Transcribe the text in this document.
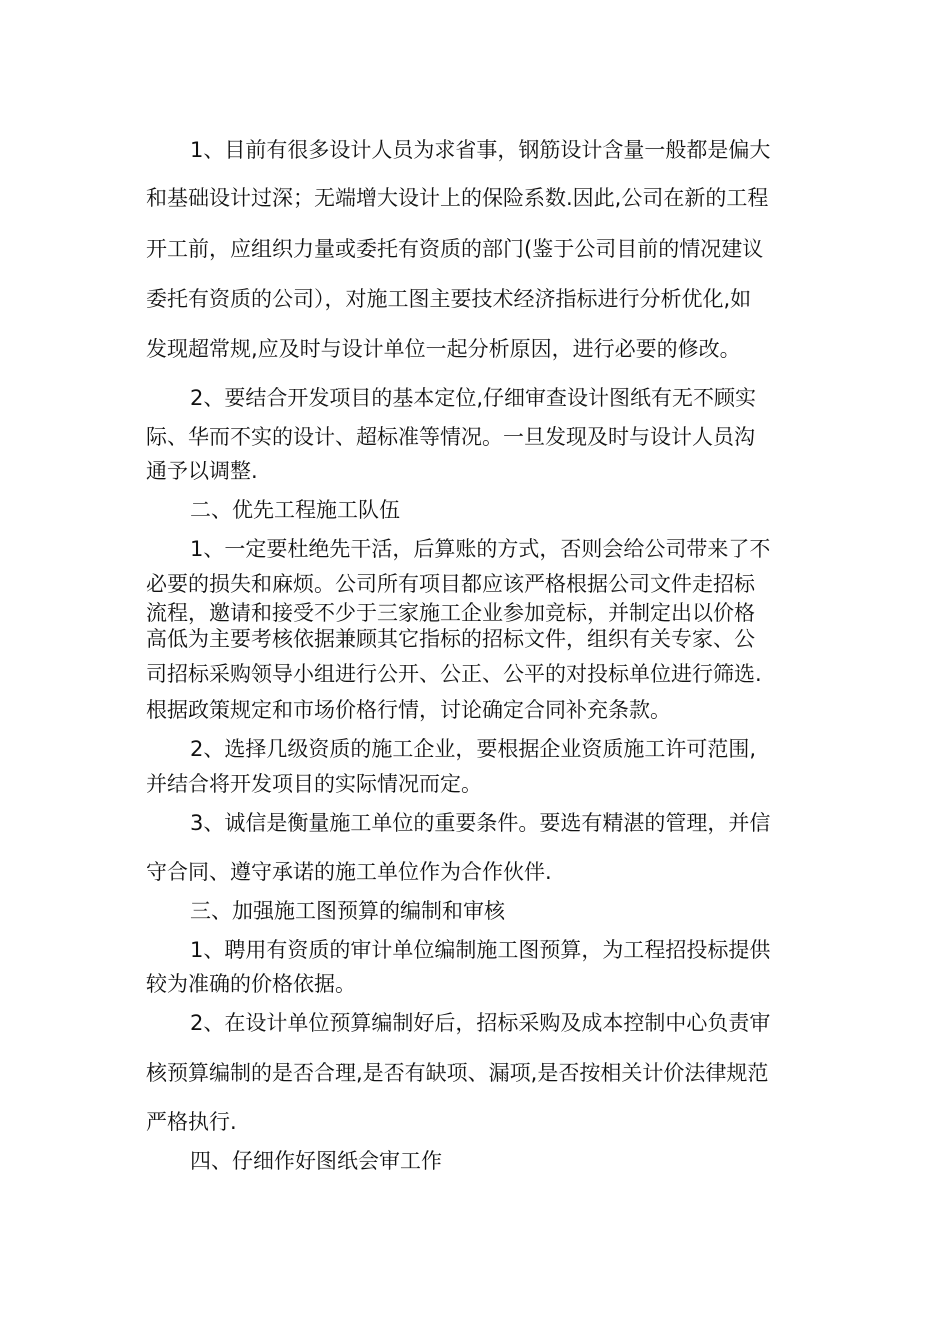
1、目前有很多设计人员为求省事，钢筋设计含量一般都是偏大

和基础设计过深；无端增大设计上的保险系数.因此,公司在新的工程

开工前，应组织力量或委托有资质的部门(鉴于公司目前的情况建议

委托有资质的公司），对施工图主要技术经济指标进行分析优化,如

发现超常规,应及时与设计单位一起分析原因，进行必要的修改。

2、要结合开发项目的基本定位,仔细审查设计图纸有无不顾实

际、华而不实的设计、超标准等情况。一旦发现及时与设计人员沟

通予以调整.

二、优先工程施工队伍

1、一定要杜绝先干活，后算账的方式，否则会给公司带来了不

必要的损失和麻烦。公司所有项目都应该严格根据公司文件走招标

流程，邀请和接受不少于三家施工企业参加竞标，并制定出以价格

高低为主要考核依据兼顾其它指标的招标文件，组织有关专家、公

司招标采购领导小组进行公开、公正、公平的对投标单位进行筛选.

根据政策规定和市场价格行情，讨论确定合同补充条款。

2、选择几级资质的施工企业，要根据企业资质施工许可范围,

并结合将开发项目的实际情况而定。

3、诚信是衡量施工单位的重要条件。要选有精湛的管理，并信

守合同、遵守承诺的施工单位作为合作伙伴.

三、加强施工图预算的编制和审核

1、聘用有资质的审计单位编制施工图预算，为工程招投标提供

较为准确的价格依据。

2、在设计单位预算编制好后，招标采购及成本控制中心负责审

核预算编制的是否合理,是否有缺项、漏项,是否按相关计价法律规范

严格执行.

四、仔细作好图纸会审工作
